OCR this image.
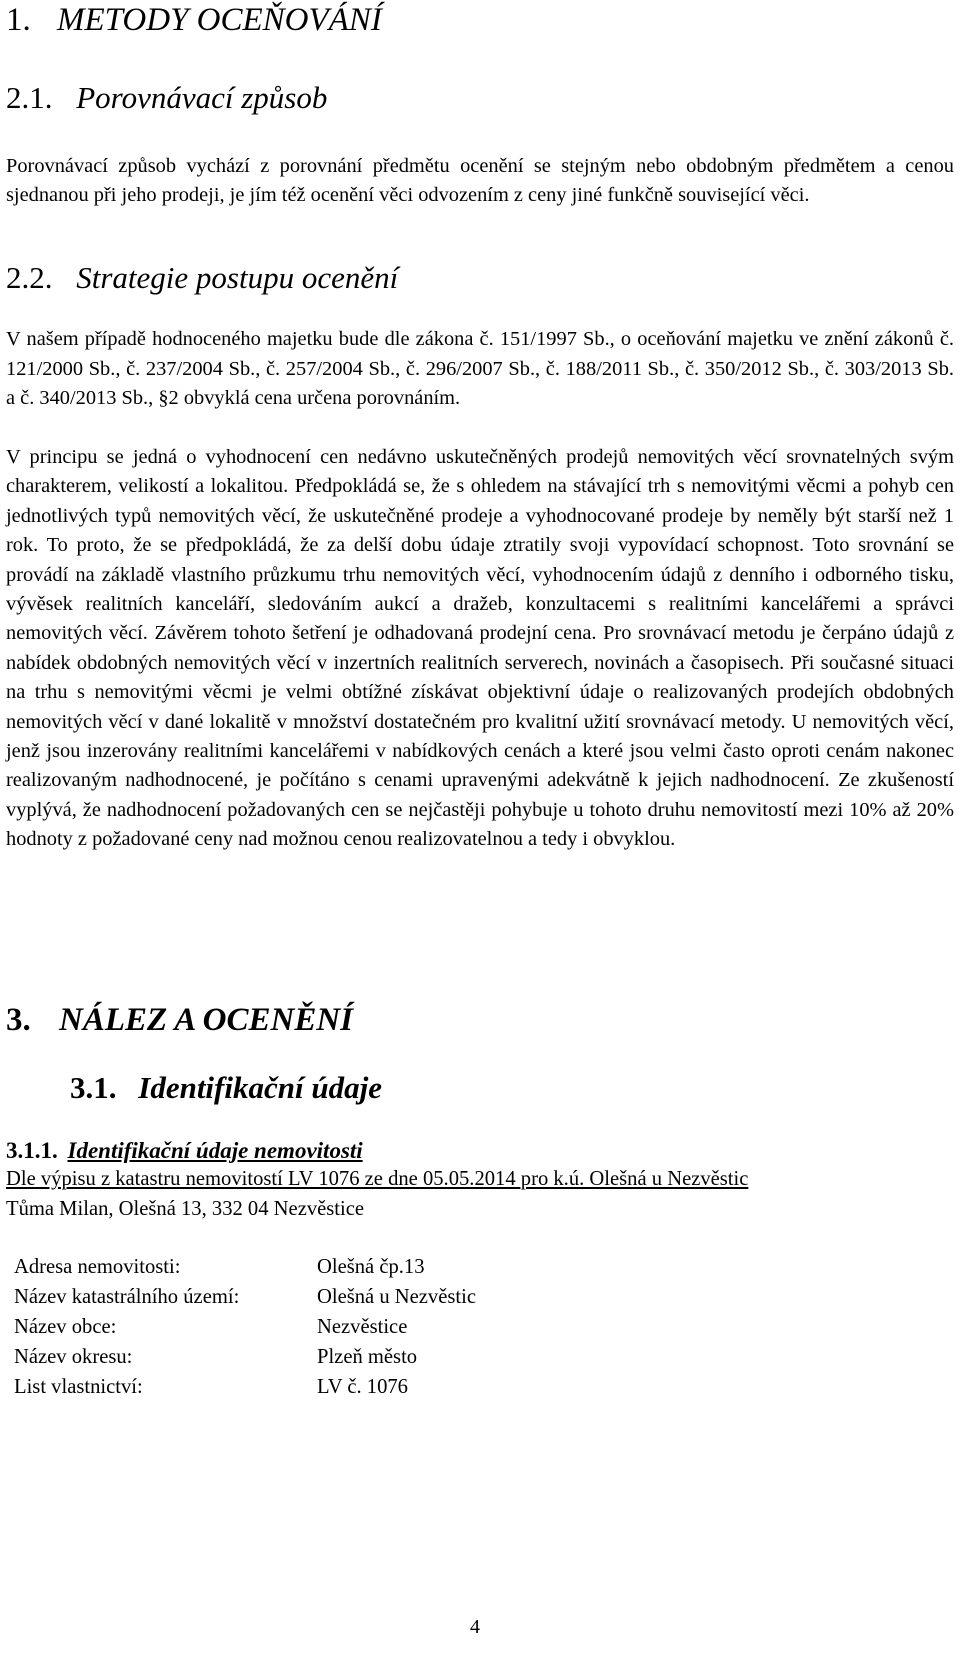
1. METODY OCEŇOVÁNÍ
2.1. Porovnávací způsob
Porovnávací způsob vychází z porovnání předmětu ocenění se stejným nebo obdobným předmětem a cenou sjednanou při jeho prodeji, je jím též ocenění věci odvozením z ceny jiné funkčně související věci.
2.2. Strategie postupu ocenění
V našem případě hodnoceného majetku bude dle zákona č. 151/1997 Sb., o oceňování majetku ve znění zákonů č. 121/2000 Sb., č. 237/2004 Sb., č. 257/2004 Sb., č. 296/2007 Sb., č. 188/2011 Sb., č. 350/2012 Sb., č. 303/2013 Sb. a č. 340/2013 Sb., §2 obvyklá cena určena porovnáním.
V principu se jedná o vyhodnocení cen nedávno uskutečněných prodejů nemovitých věcí srovnatelných svým charakterem, velikostí a lokalitou. Předpokládá se, že s ohledem na stávající trh s nemovitými věcmi a pohyb cen jednotlivých typů nemovitých věcí, že uskutečněné prodeje a vyhodnocované prodeje by neměly být starší než 1 rok. To proto, že se předpokládá, že za delší dobu údaje ztratily svoji vypovídací schopnost. Toto srovnání se provádí na základě vlastního průzkumu trhu nemovitých věcí, vyhodnocením údajů z denního i odborného tisku, vývěsek realitních kanceláří, sledováním aukcí a dražeb, konzultacemi s realitními kancelářemi a správci nemovitých věcí. Závěrem tohoto šetření je odhadovaná prodejní cena. Pro srovnávací metodu je čerpáno údajů z nabídek obdobných nemovitých věcí v inzertních realitních serverech, novinách a časopisech. Při současné situaci na trhu s nemovitými věcmi je velmi obtížné získávat objektivní údaje o realizovaných prodejích obdobných nemovitých věcí v dané lokalitě v množství dostatečném pro kvalitní užití srovnávací metody. U nemovitých věcí, jenž jsou inzerovány realitními kancelářemi v nabídkových cenách a které jsou velmi často oproti cenám nakonec realizovaným nadhodnocené, je počítáno s cenami upravenými adekvátně k jejich nadhodnocení. Ze zkušeností vyplývá, že nadhodnocení požadovaných cen se nejčastěji pohybuje u tohoto druhu nemovitostí mezi 10% až 20% hodnoty z požadované ceny nad možnou cenou realizovatelnou a tedy i obvyklou.
3. NÁLEZ A OCENĚNÍ
3.1. Identifikační údaje
3.1.1. Identifikační údaje nemovitosti
Dle výpisu z katastru nemovitostí LV 1076 ze dne 05.05.2014 pro k.ú. Olešná u Nezvěstic
Tůma Milan, Olešná 13, 332 04 Nezvěstice
Adresa nemovitosti:	Olešná čp.13
Název katastrálního území:	Olešná u Nezvěstic
Název obce:	Nezvěstice
Název okresu:	Plzeň město
List vlastnictví:	LV č. 1076
4
